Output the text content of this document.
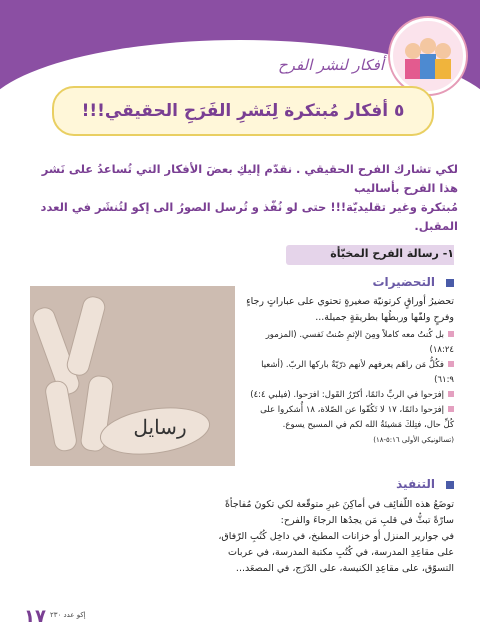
أفكار لنشر الفرح
٥ أفكار مُبتكرة لِنَشرِ الفَرَحِ الحقيقي!!!
لكي تشارك الفرح الحقيقي . نقدّم إليكِ بعضَ الأفكار التي تُساعدُ على نَشر هذا الفرح بأساليب
مُبتكرة وغير تقليديّة!!! حتى لو نُفّذ و تُرسل الصورُ الى إكو لتُنشَر في العدد المقبل.
١- رسالة الفرح المخبّأة
التحضيرات
رسايل
تحضيرُ أوراقٍ كرتونيّة صغيرةٍ تحتوي على عباراتٍ رجاءٍ
وفرحٍ ولفّها وربطُها بطريقةٍ جميلة...
بل كُنتُ معه كاملاً ومِنَ الإثمِ صُنتُ نَفسي. (المزمور ١٨:٢٤)
فكُلُّ مَن راهَم يعرفهم لأنهم ذرّيّةٌ باركها الربّ. (أشعيا ٦١:٩)
إفرَحوا في الربِّ دائمًا، أكرّرُ القَول: افرَحوا. (فيلبي ٤:٤)
إفرَحوا دائمًا، ١٧ لا تَكُفّوا عن الصّلاة، ١٨ أُشكروا على
كُلِّ حال، فتِلكَ مَشيئةُ الله لكم في المسيح يسوع.
(تسالونيكي الأولى ٥:١٦-١٨)
التنفيذ
توضَعُ هذه اللّفائِف في أماكِنَ غيرِ متوقّعة لكي تكونَ مُفاجأةً
سارّةً تبثُّ في قلبِ مَن يجدُها الرجاءَ والفرح:
في جوارير المنزل أو خزانات المطبخ، في داخِل كُتُبِ الرّفاق،
على مقاعِدِ المدرسة، في كُتُبِ مكتبة المدرسة، في عربات
التسوّق، على مقاعِدِ الكنيسة، على الدّرَج، في المصعَد...
١٧ إكو عدد ٢٣٠
